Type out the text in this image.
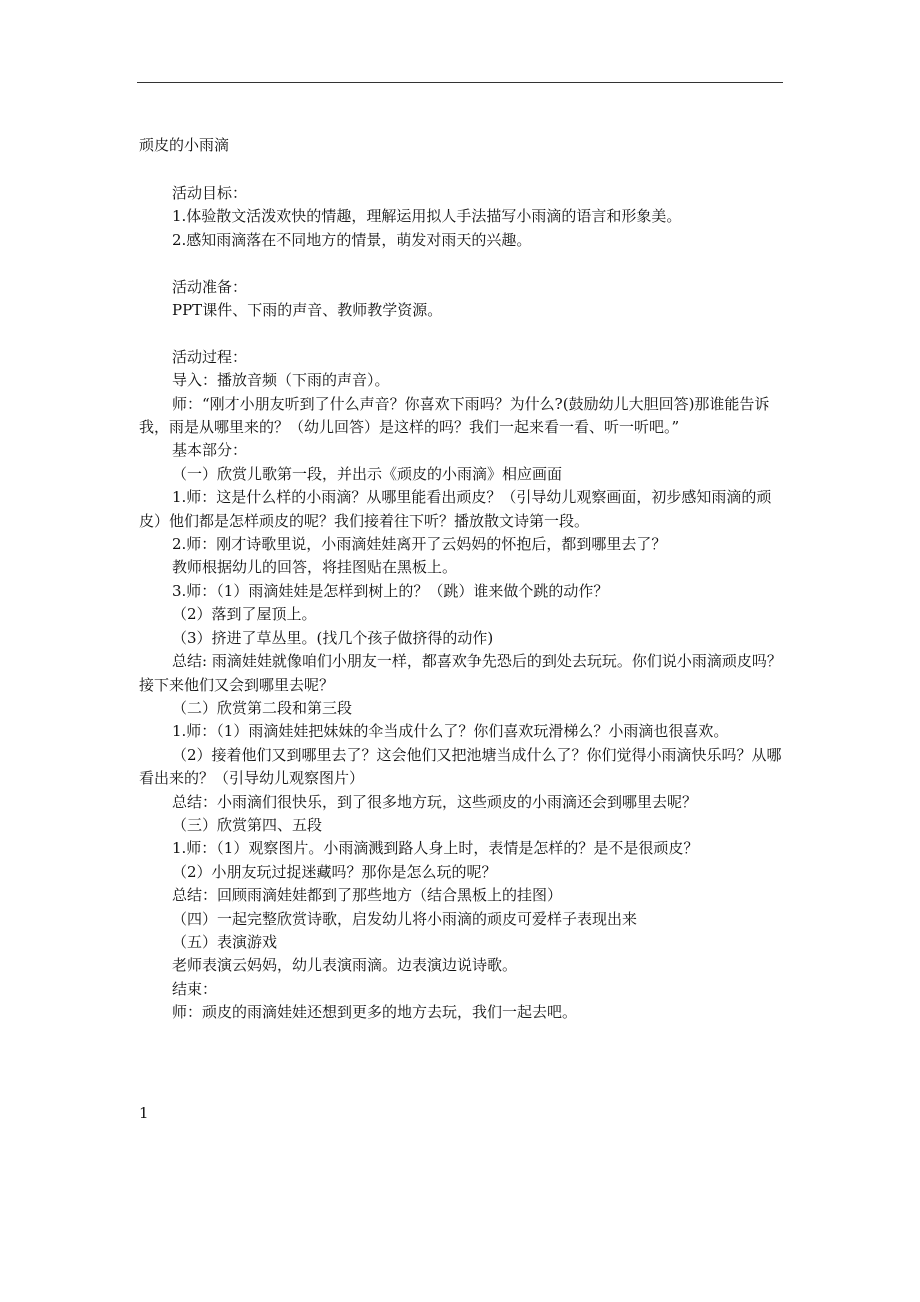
顽皮的小雨滴
活动目标：
1.体验散文活泼欢快的情趣，理解运用拟人手法描写小雨滴的语言和形象美。
2.感知雨滴落在不同地方的情景，萌发对雨天的兴趣。
活动准备：
PPT课件、下雨的声音、教师教学资源。
活动过程：
导入：播放音频（下雨的声音）。
师：“刚才小朋友听到了什么声音？你喜欢下雨吗？为什么?(鼓励幼儿大胆回答)那谁能告诉我，雨是从哪里来的？（幼儿回答）是这样的吗？我们一起来看一看、听一听吧。”
基本部分：
（一）欣赏儿歌第一段，并出示《顽皮的小雨滴》相应画面
1.师：这是什么样的小雨滴？从哪里能看出顽皮？（引导幼儿观察画面，初步感知雨滴的顽皮）他们都是怎样顽皮的呢？我们接着往下听？播放散文诗第一段。
2.师：刚才诗歌里说，小雨滴娃娃离开了云妈妈的怀抱后，都到哪里去了？
教师根据幼儿的回答，将挂图贴在黑板上。
3.师：（1）雨滴娃娃是怎样到树上的？（跳）谁来做个跳的动作？
（2）落到了屋顶上。
（3）挤进了草丛里。(找几个孩子做挤得的动作)
总结: 雨滴娃娃就像咱们小朋友一样，都喜欢争先恐后的到处去玩玩。你们说小雨滴顽皮吗？接下来他们又会到哪里去呢？
（二）欣赏第二段和第三段
1.师：（1）雨滴娃娃把妹妹的伞当成什么了？你们喜欢玩滑梯么？小雨滴也很喜欢。
（2）接着他们又到哪里去了？这会他们又把池塘当成什么了？你们觉得小雨滴快乐吗？从哪看出来的？（引导幼儿观察图片）
总结：小雨滴们很快乐，到了很多地方玩，这些顽皮的小雨滴还会到哪里去呢？
（三）欣赏第四、五段
1.师：（1）观察图片。小雨滴溅到路人身上时，表情是怎样的？是不是很顽皮？
（2）小朋友玩过捉迷藏吗？那你是怎么玩的呢？
总结：回顾雨滴娃娃都到了那些地方（结合黑板上的挂图）
（四）一起完整欣赏诗歌，启发幼儿将小雨滴的顽皮可爱样子表现出来
（五）表演游戏
老师表演云妈妈，幼儿表演雨滴。边表演边说诗歌。
结束：
师：顽皮的雨滴娃娃还想到更多的地方去玩，我们一起去吧。
1
